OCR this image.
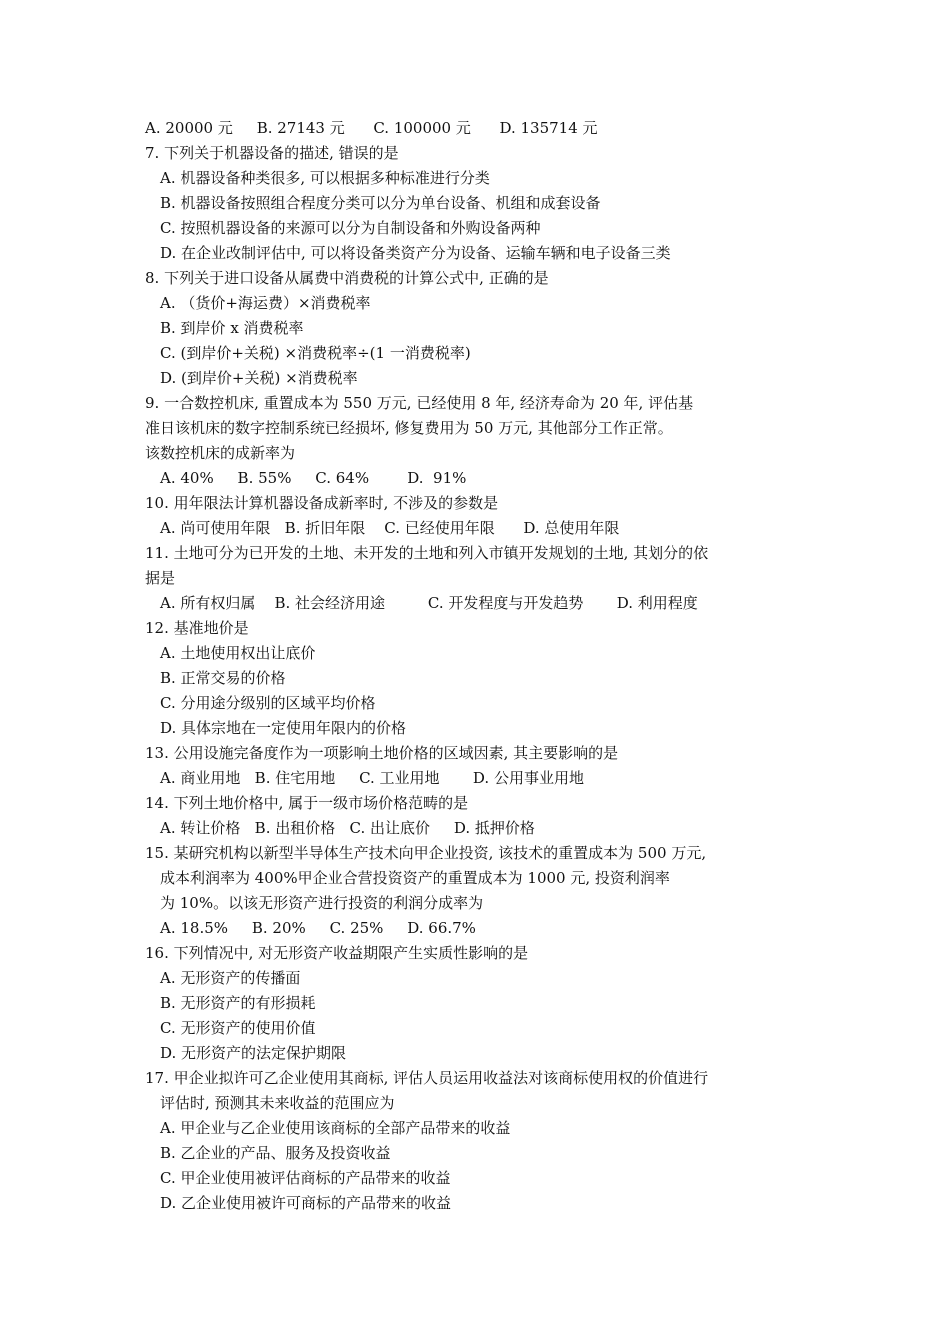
A. 20000 元     B. 27143 元      C. 100000 元      D. 135714 元
7. 下列关于机器设备的描述, 错误的是
A. 机器设备种类很多, 可以根据多种标准进行分类
B. 机器设备按照组合程度分类可以分为单台设备、机组和成套设备
C. 按照机器设备的来源可以分为自制设备和外购设备两种
D. 在企业改制评估中, 可以将设备类资产分为设备、运输车辆和电子设备三类
8. 下列关于进口设备从属费中消费税的计算公式中, 正确的是
A. （货价+海运费）×消费税率
B. 到岸价 x 消费税率
C. (到岸价+关税) ×消费税率÷(1 一消费税率)
D. (到岸价+关税) ×消费税率
9. 一合数控机床, 重置成本为 550 万元, 已经使用 8 年, 经济寿命为 20 年, 评估基
准日该机床的数字控制系统已经损坏, 修复费用为 50 万元, 其他部分工作正常。
该数控机床的成新率为
A. 40%     B. 55%     C. 64%        D.  91%
10. 用年限法计算机器设备成新率时, 不涉及的参数是
A. 尚可使用年限   B. 折旧年限    C. 已经使用年限      D. 总使用年限
11. 土地可分为已开发的土地、未开发的土地和列入市镇开发规划的土地, 其划分的依
据是
A. 所有权归属    B. 社会经济用途         C. 开发程度与开发趋势       D. 利用程度
12. 基准地价是
A. 土地使用权出让底价
B. 正常交易的价格
C. 分用途分级别的区域平均价格
D. 具体宗地在一定使用年限内的价格
13. 公用设施完备度作为一项影响土地价格的区域因素, 其主要影响的是
A. 商业用地   B. 住宅用地     C. 工业用地       D. 公用事业用地
14. 下列土地价格中, 属于一级市场价格范畴的是
A. 转让价格   B. 出租价格   C. 出让底价     D. 抵押价格
15. 某研究机构以新型半导体生产技术向甲企业投资, 该技术的重置成本为 500 万元,
成本利润率为 400%甲企业合营投资资产的重置成本为 1000 元, 投资利润率
为 10%。以该无形资产进行投资的利润分成率为
A. 18.5%     B. 20%     C. 25%     D. 66.7%
16. 下列情况中, 对无形资产收益期限产生实质性影响的是
A. 无形资产的传播面
B. 无形资产的有形损耗
C. 无形资产的使用价值
D. 无形资产的法定保护期限
17. 甲企业拟许可乙企业使用其商标, 评估人员运用收益法对该商标使用权的价值进行
评估时, 预测其未来收益的范围应为
A. 甲企业与乙企业使用该商标的全部产品带来的收益
B. 乙企业的产品、服务及投资收益
C. 甲企业使用被评估商标的产品带来的收益
D. 乙企业使用被许可商标的产品带来的收益
